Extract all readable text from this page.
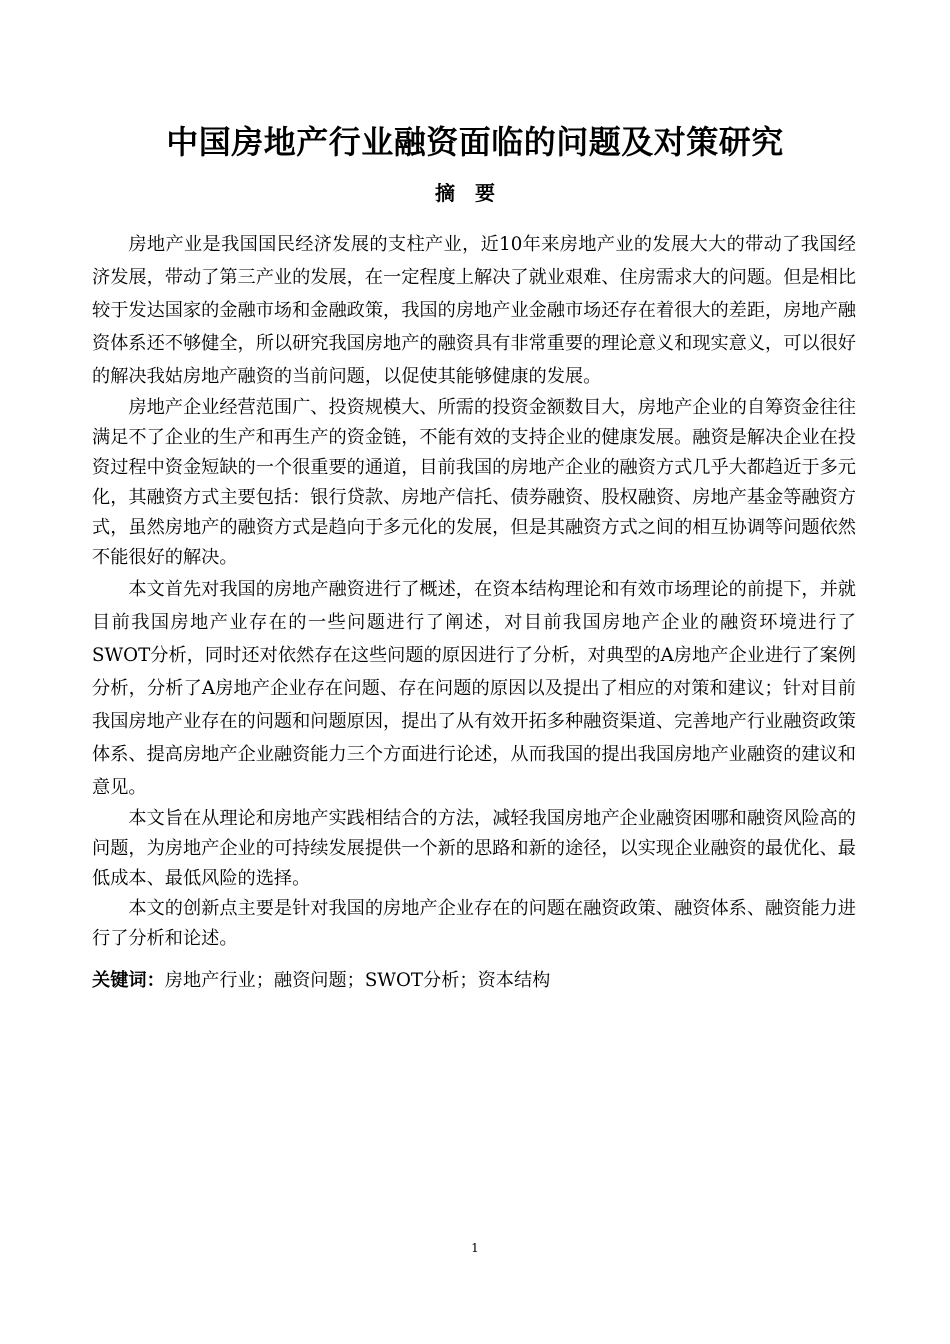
中国房地产行业融资面临的问题及对策研究
摘要

房地产业是我国国民经济发展的支柱产业，近10年来房地产业的发展大大的带动了我国经济发展，带动了第三产业的发展，在一定程度上解决了就业艰难、住房需求大的问题。但是相比较于发达国家的金融市场和金融政策，我国的房地产业金融市场还存在着很大的差距，房地产融资体系还不够健全，所以研究我国房地产的融资具有非常重要的理论意义和现实意义，可以很好的解决我姑房地产融资的当前问题，以促使其能够健康的发展。

房地产企业经营范围广、投资规模大、所需的投资金额数目大，房地产企业的自筹资金往往满足不了企业的生产和再生产的资金链，不能有效的支持企业的健康发展。融资是解决企业在投资过程中资金短缺的一个很重要的通道，目前我国的房地产企业的融资方式几乎大都趋近于多元化，其融资方式主要包括：银行贷款、房地产信托、债券融资、股权融资、房地产基金等融资方式，虽然房地产的融资方式是趋向于多元化的发展，但是其融资方式之间的相互协调等问题依然不能很好的解决。

本文首先对我国的房地产融资进行了概述，在资本结构理论和有效市场理论的前提下，并就目前我国房地产业存在的一些问题进行了阐述，对目前我国房地产企业的融资环境进行了SWOT分析，同时还对依然存在这些问题的原因进行了分析，对典型的A房地产企业进行了案例分析，分析了A房地产企业存在问题、存在问题的原因以及提出了相应的对策和建议；针对目前我国房地产业存在的问题和问题原因，提出了从有效开拓多种融资渠道、完善地产行业融资政策体系、提高房地产企业融资能力三个方面进行论述，从而我国的提出我国房地产业融资的建议和意见。

本文旨在从理论和房地产实践相结合的方法，减轻我国房地产企业融资困哪和融资风险高的问题，为房地产企业的可持续发展提供一个新的思路和新的途径，以实现企业融资的最优化、最低成本、最低风险的选择。

本文的创新点主要是针对我国的房地产企业存在的问题在融资政策、融资体系、融资能力进行了分析和论述。

关键词：房地产行业；融资问题；SWOT分析；资本结构

1
